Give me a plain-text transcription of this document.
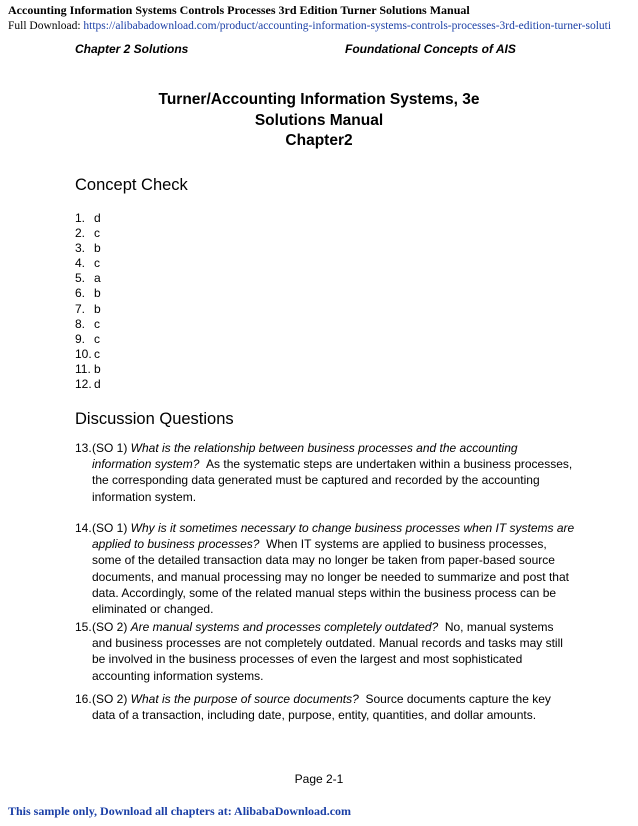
Accounting Information Systems Controls Processes 3rd Edition Turner Solutions Manual
Full Download: https://alibabadownload.com/product/accounting-information-systems-controls-processes-3rd-edition-turner-soluti
Chapter 2 Solutions	Foundational Concepts of AIS
Turner/Accounting Information Systems, 3e
Solutions Manual
Chapter2
Concept Check
1. d
2. c
3. b
4. c
5. a
6. b
7. b
8. c
9. c
10. c
11. b
12. d
Discussion Questions
13. (SO 1) What is the relationship between business processes and the accounting information system? As the systematic steps are undertaken within a business processes, the corresponding data generated must be captured and recorded by the accounting information system.
14. (SO 1) Why is it sometimes necessary to change business processes when IT systems are applied to business processes? When IT systems are applied to business processes, some of the detailed transaction data may no longer be taken from paper-based source documents, and manual processing may no longer be needed to summarize and post that data. Accordingly, some of the related manual steps within the business process can be eliminated or changed.
15. (SO 2) Are manual systems and processes completely outdated? No, manual systems and business processes are not completely outdated. Manual records and tasks may still be involved in the business processes of even the largest and most sophisticated accounting information systems.
16. (SO 2) What is the purpose of source documents? Source documents capture the key data of a transaction, including date, purpose, entity, quantities, and dollar amounts.
Page 2-1
This sample only, Download all chapters at: AlibabaDownload.com
